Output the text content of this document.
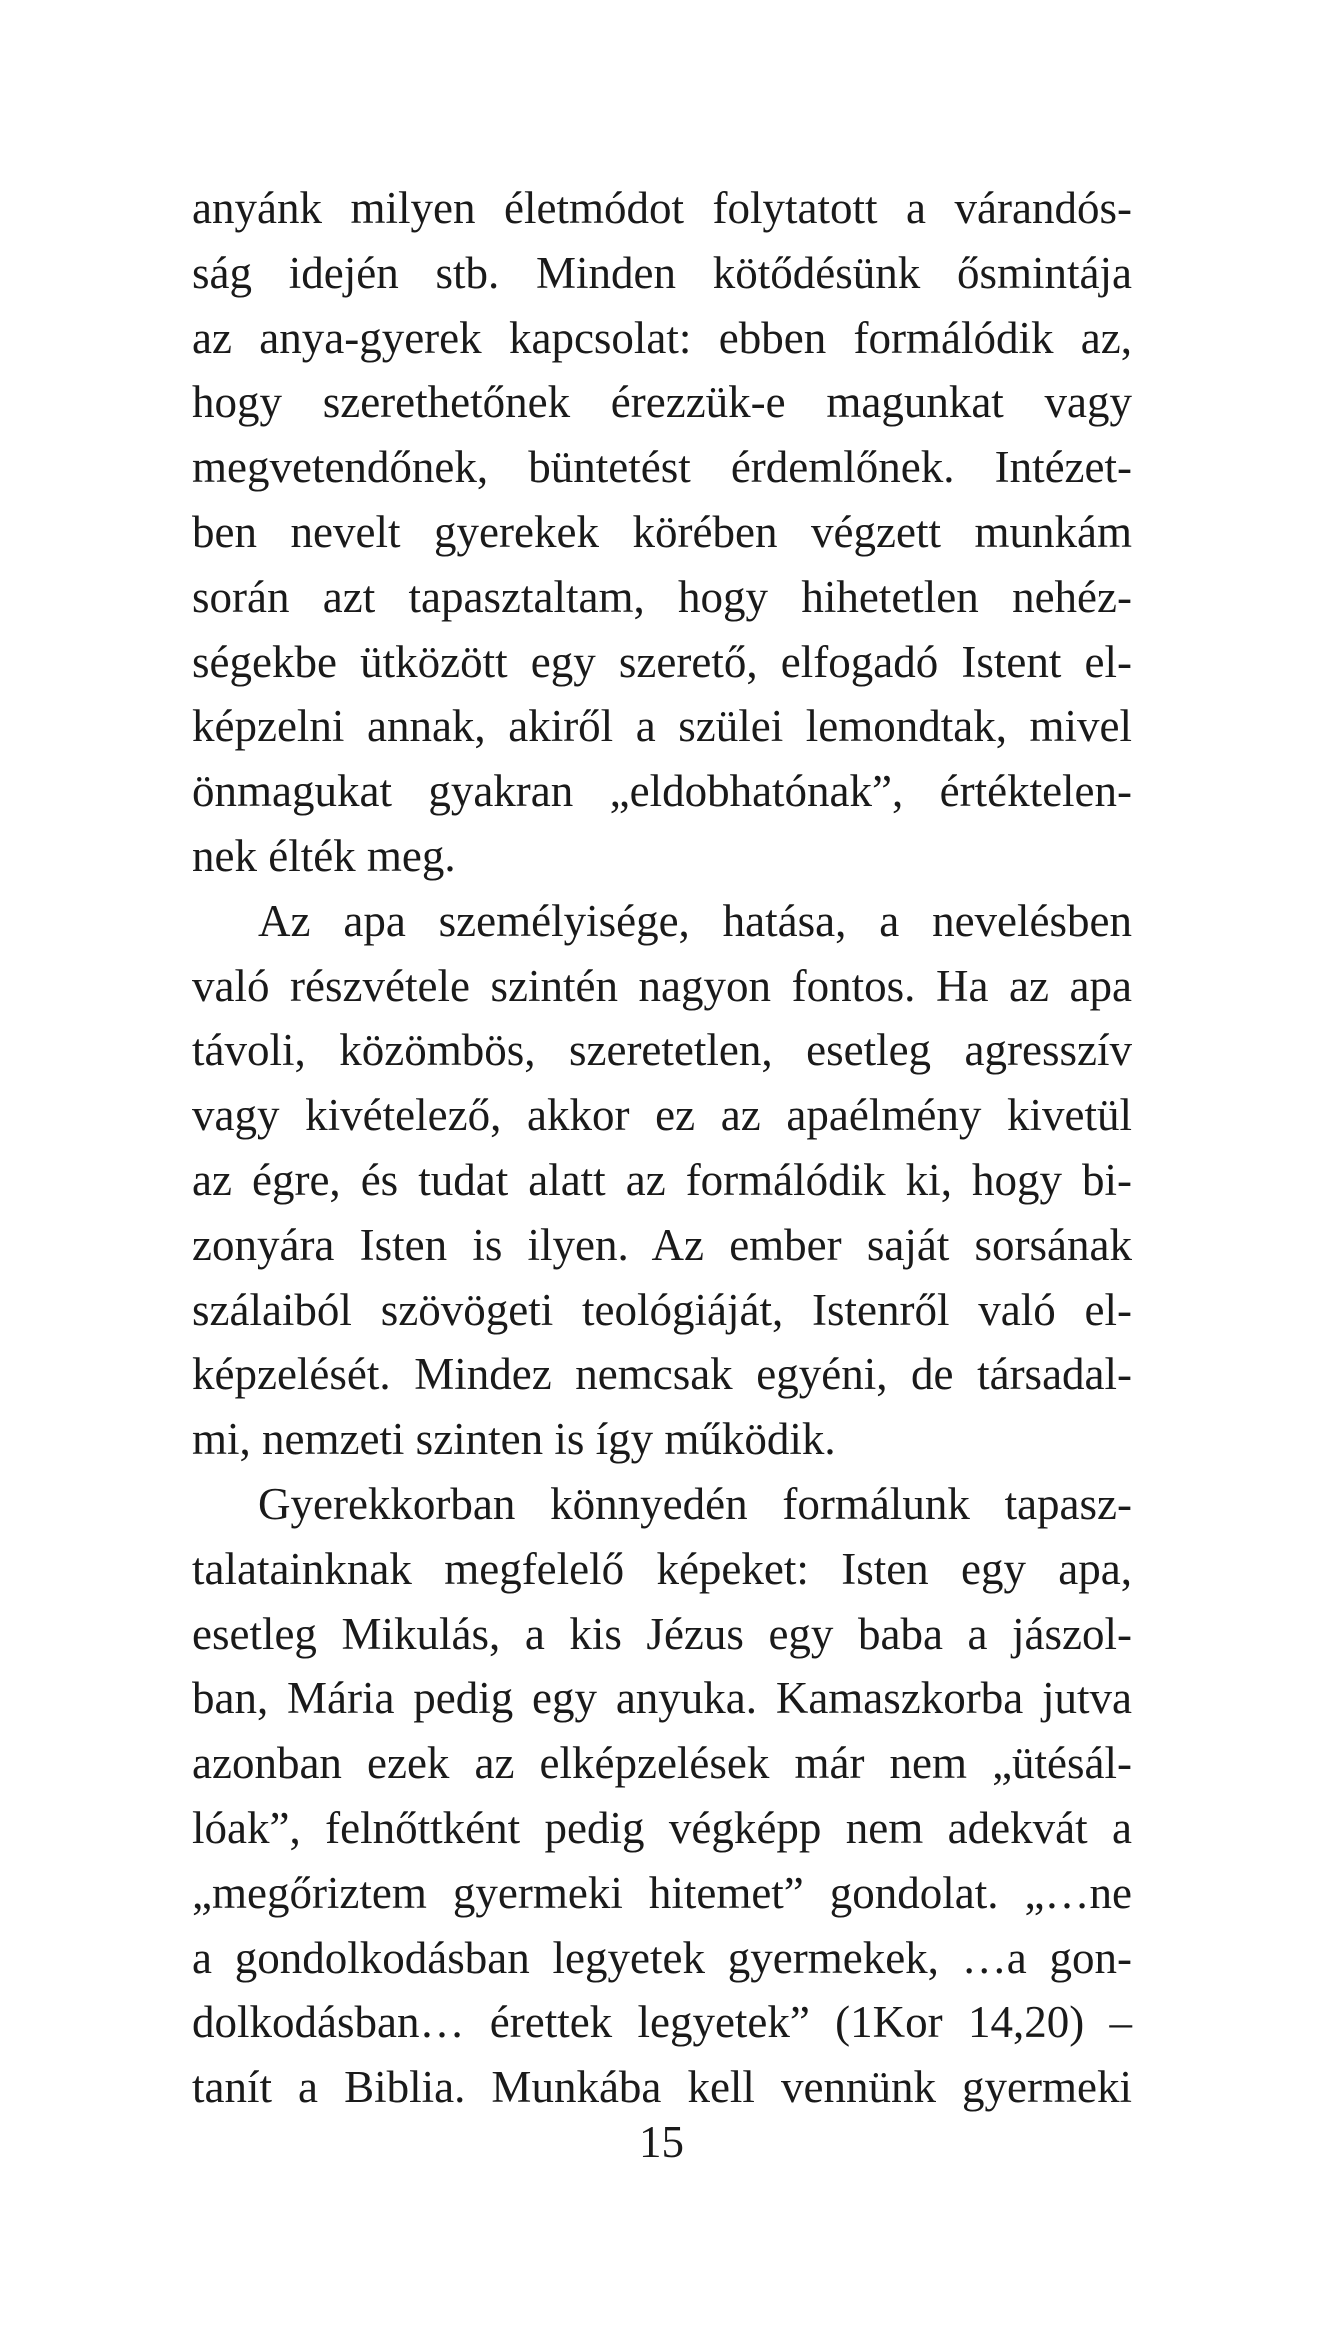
anyánk milyen életmódot folytatott a várandós-
ság idején stb. Minden kötődésünk ősmintája
az anya-gyerek kapcsolat: ebben formálódik az,
hogy szerethetőnek érezzük-e magunkat vagy
megvetendőnek, büntetést érdemlőnek. Intézet-
ben nevelt gyerekek körében végzett munkám
során azt tapasztaltam, hogy hihetetlen nehéz-
ségekbe ütközött egy szerető, elfogadó Istent el-
képzelni annak, akiről a szülei lemondtak, mivel
önmagukat gyakran „eldobhatónak”, értéktelen-
nek élték meg.
Az apa személyisége, hatása, a nevelésben
való részvétele szintén nagyon fontos. Ha az apa
távoli, közömbös, szeretetlen, esetleg agresszív
vagy kivételező, akkor ez az apaélmény kivetül
az égre, és tudat alatt az formálódik ki, hogy bi-
zonyára Isten is ilyen. Az ember saját sorsának
szálaiból szövögeti teológiáját, Istenről való el-
képzelését. Mindez nemcsak egyéni, de társadal-
mi, nemzeti szinten is így működik.
Gyerekkorban könnyedén formálunk tapasz-
talatainknak megfelelő képeket: Isten egy apa,
esetleg Mikulás, a kis Jézus egy baba a jászol-
ban, Mária pedig egy anyuka. Kamaszkorba jutva
azonban ezek az elképzelések már nem „ütésál-
lóak”, felnőttként pedig végképp nem adekvát a
„megőriztem gyermeki hitemet” gondolat. „…ne
a gondolkodásban legyetek gyermekek, …a gon-
dolkodásban… érettek legyetek” (1Kor 14,20) –
tanít a Biblia. Munkába kell vennünk gyermeki
15
